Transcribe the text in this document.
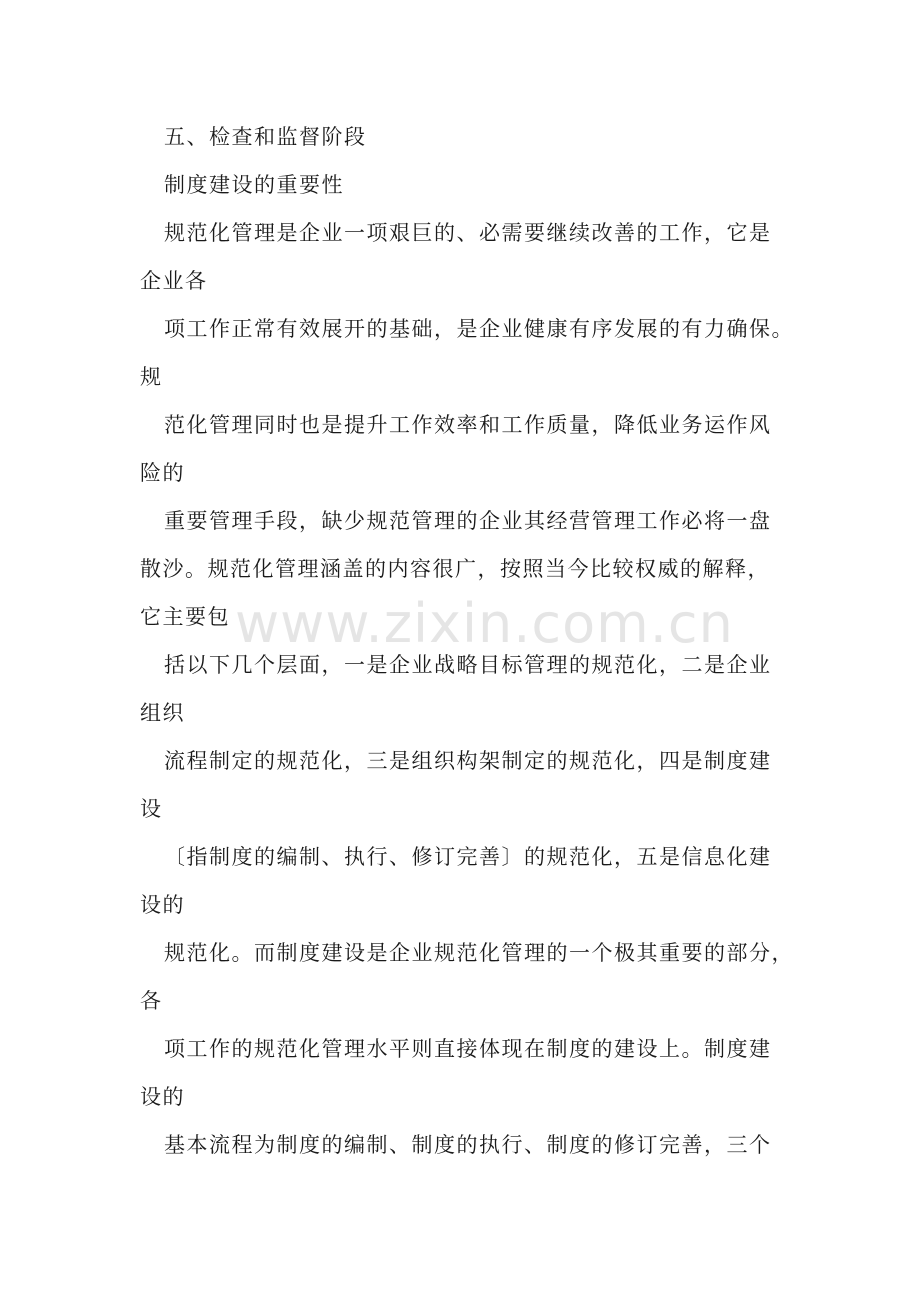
五、检查和监督阶段
制度建设的重要性
规范化管理是企业一项艰巨的、必需要继续改善的工作，它是
企业各
项工作正常有效展开的基础，是企业健康有序发展的有力确保。
规
范化管理同时也是提升工作效率和工作质量，降低业务运作风
险的
重要管理手段，缺少规范管理的企业其经营管理工作必将一盘
散沙。规范化管理涵盖的内容很广，按照当今比较权威的解释，
它主要包
括以下几个层面，一是企业战略目标管理的规范化，二是企业
组织
流程制定的规范化，三是组织构架制定的规范化，四是制度建
设
〔指制度的编制、执行、修订完善〕的规范化，五是信息化建
设的
规范化。而制度建设是企业规范化管理的一个极其重要的部分，
各
项工作的规范化管理水平则直接体现在制度的建设上。制度建
设的
基本流程为制度的编制、制度的执行、制度的修订完善，三个
www.zixin.com.cn
